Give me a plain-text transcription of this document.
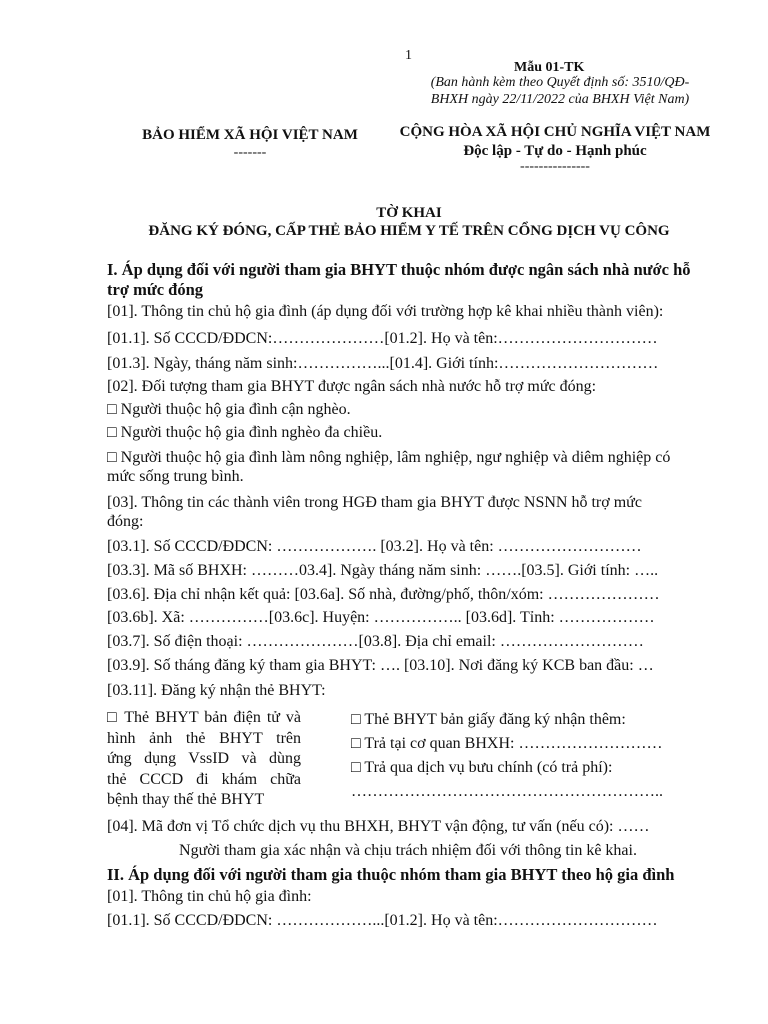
1
Mẫu 01-TK
(Ban hành kèm theo Quyết định số: 3510/QĐ-
BHXH ngày 22/11/2022 của BHXH Việt Nam)
BẢO HIỂM XÃ HỘI VIỆT NAM
-------
CỘNG HÒA XÃ HỘI CHỦ NGHĨA VIỆT NAM
Độc lập - Tự do - Hạnh phúc
---------------
TỜ KHAI
ĐĂNG KÝ ĐÓNG, CẤP THẺ BẢO HIỂM Y TẾ TRÊN CỔNG DỊCH VỤ CÔNG
I. Áp dụng đối với người tham gia BHYT thuộc nhóm được ngân sách nhà nước hỗ
trợ mức đóng
[01]. Thông tin chủ hộ gia đình (áp dụng đối với trường hợp kê khai nhiều thành viên):
[01.1]. Số CCCD/ĐDCN:…………………[01.2]. Họ và tên:…………………………
[01.3]. Ngày, tháng năm sinh:……………...[01.4]. Giới tính:…………………………
[02]. Đối tượng tham gia BHYT được ngân sách nhà nước hỗ trợ mức đóng:
□ Người thuộc hộ gia đình cận nghèo.
□ Người thuộc hộ gia đình nghèo đa chiều.
□ Người thuộc hộ gia đình làm nông nghiệp, lâm nghiệp, ngư nghiệp và diêm nghiệp có
mức sống trung bình.
[03]. Thông tin các thành viên trong HGĐ tham gia BHYT được NSNN hỗ trợ mức
đóng:
[03.1]. Số CCCD/ĐDCN: ………………. [03.2]. Họ và tên: ………………………
[03.3]. Mã số BHXH: ………03.4]. Ngày tháng năm sinh: …….[03.5]. Giới tính: …..
[03.6]. Địa chỉ nhận kết quả: [03.6a]. Số nhà, đường/phố, thôn/xóm: …………………
[03.6b]. Xã: ……………[03.6c]. Huyện: …………….. [03.6d]. Tỉnh: ………………
[03.7]. Số điện thoại: …………………[03.8]. Địa chỉ email: ………………………
[03.9]. Số tháng đăng ký tham gia BHYT: …. [03.10]. Nơi đăng ký KCB ban đầu: …
[03.11]. Đăng ký nhận thẻ BHYT:
□ Thẻ BHYT bản điện tử và
hình ảnh thẻ BHYT trên
ứng dụng VssID và dùng
thẻ CCCD đi khám chữa
bệnh thay thế thẻ BHYT
□ Thẻ BHYT bản giấy đăng ký nhận thêm:
□ Trả tại cơ quan BHXH: ………………………
□ Trả qua dịch vụ bưu chính (có trả phí):
…………………………………………………..
[04]. Mã đơn vị Tổ chức dịch vụ thu BHXH, BHYT vận động, tư vấn (nếu có): ……
Người tham gia xác nhận và chịu trách nhiệm đối với thông tin kê khai.
II. Áp dụng đối với người tham gia thuộc nhóm tham gia BHYT theo hộ gia đình
[01]. Thông tin chủ hộ gia đình:
[01.1]. Số CCCD/ĐDCN: ………………...[01.2]. Họ và tên:…………………………
